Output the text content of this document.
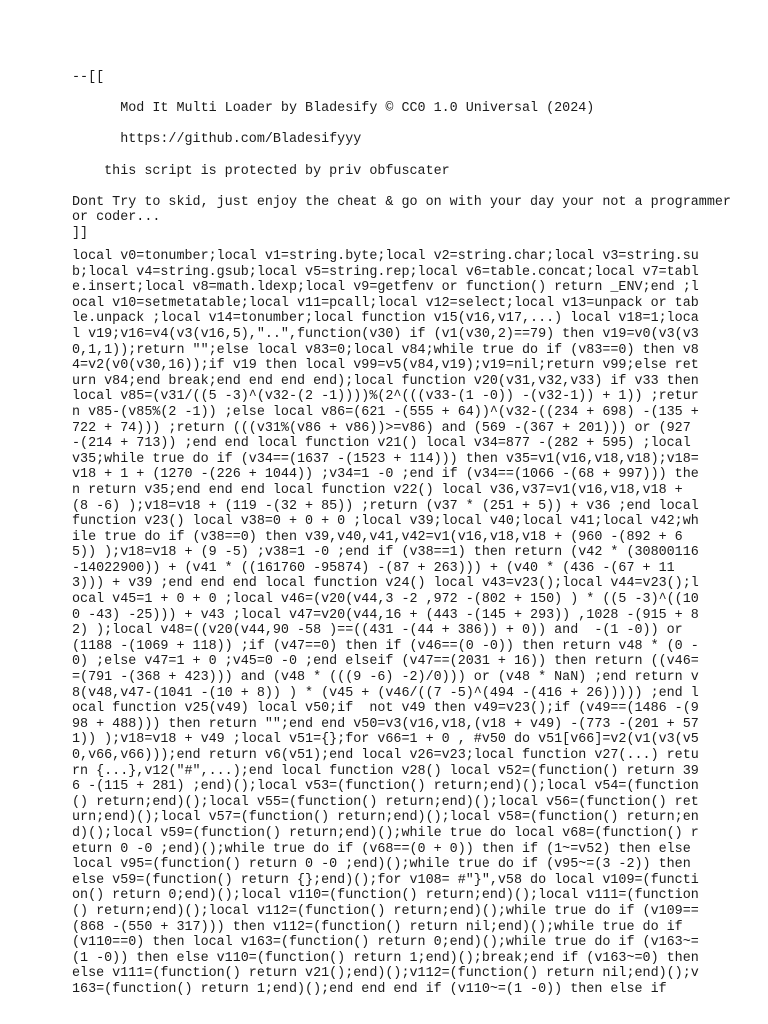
--[[
Mod It Multi Loader by Bladesify © CC0 1.0 Universal (2024)
https://github.com/Bladesifyyy
this script is protected by priv obfuscater
Dont Try to skid, just enjoy the cheat & go on with your day your not a programmer
or coder...
]]
local v0=tonumber;local v1=string.byte;local v2=string.char;local v3=string.sub;local v4=string.gsub;local v5=string.rep;local v6=table.concat;local v7=table.insert;local v8=math.ldexp;local v9=getfenv or function() return _ENV;end ;local v10=setmetatable;local v11=pcall;local v12=select;local v13=unpack or table.unpack ;local v14=tonumber;local function v15(v16,v17,...) local v18=1;local v19;v16=v4(v3(v16,5),"..",function(v30) if (v1(v30,2)==79) then v19=v0(v3(v30,1,1));return "";else local v83=0;local v84;while true do if (v83==0) then v84=v2(v0(v30,16));if v19 then local v99=v5(v84,v19);v19=nil;return v99;else return v84;end break;end end end end);local function v20(v31,v32,v33) if v33 then local v85=(v31/((5 -3)^(v32-(2 -1))))%(2^(((v33-(1 -0)) -(v32-1)) + 1)) ;return v85-(v85%(2 -1)) ;else local v86=(621 -(555 + 64))^(v32-((234 + 698) -(135 + 722 + 74))) ;return (((v31%(v86 + v86))>=v86) and (569 -(367 + 201))) or (927 -(214 + 713)) ;end end local function v21() local v34=877 -(282 + 595) ;local v35;while true do if (v34==(1637 -(1523 + 114))) then v35=v1(v16,v18,v18);v18=v18 + 1 + (1270 -(226 + 1044)) ;v34=1 -0 ;end if (v34==(1066 -(68 + 997))) then return v35;end end end local function v22() local v36,v37=v1(v16,v18,v18 + (8 -6) );v18=v18 + (119 -(32 + 85)) ;return (v37 * (251 + 5)) + v36 ;end local function v23() local v38=0 + 0 + 0 ;local v39;local v40;local v41;local v42;while true do if (v38==0) then v39,v40,v41,v42=v1(v16,v18,v18 + (960 -(892 + 65)) );v18=v18 + (9 -5) ;v38=1 -0 ;end if (v38==1) then return (v42 * (30800116 -14022900)) + (v41 * ((161760 -95874) -(87 + 263))) + (v40 * (436 -(67 + 113))) + v39 ;end end end local function v24() local v43=v23();local v44=v23();local v45=1 + 0 + 0 ;local v46=(v20(v44,3 -2 ,972 -(802 + 150) ) * ((5 -3)^((100 -43) -25))) + v43 ;local v47=v20(v44,16 + (443 -(145 + 293)) ,1028 -(915 + 82) );local v48=((v20(v44,90 -58 )==((431 -(44 + 386)) + 0)) and  -(1 -0)) or (1188 -(1069 + 118)) ;if (v47==0) then if (v46==(0 -0)) then return v48 * (0 -0) ;else v47=1 + 0 ;v45=0 -0 ;end elseif (v47==(2031 + 16)) then return ((v46==(791 -(368 + 423))) and (v48 * (((9 -6) -2)/0))) or (v48 * NaN) ;end return v8(v48,v47-(1041 -(10 + 8)) ) * (v45 + (v46/((7 -5)^(494 -(416 + 26))))) ;end local function v25(v49) local v50;if  not v49 then v49=v23();if (v49==(1486 -(998 + 488))) then return "";end end v50=v3(v16,v18,(v18 + v49) -(773 -(201 + 571)) );v18=v18 + v49 ;local v51={};for v66=1 + 0 , #v50 do v51[v66]=v2(v1(v3(v50,v66,v66)));end return v6(v51);end local v26=v23;local function v27(...) return {...},v12("#",...);end local function v28() local v52=(function() return 396 -(115 + 281) ;end)();local v53=(function() return;end)();local v54=(function() return;end)();local v55=(function() return;end)();local v56=(function() return;end)();local v57=(function() return;end)();local v58=(function() return;end)();local v59=(function() return;end)();while true do local v68=(function() return 0 -0 ;end)();while true do if (v68==(0 + 0)) then if (1~=v52) then else local v95=(function() return 0 -0 ;end)();while true do if (v95~=(3 -2)) then else v59=(function() return {};end)();for v108= #"}",v58 do local v109=(function() return 0;end)();local v110=(function() return;end)();local v111=(function() return;end)();local v112=(function() return;end)();while true do if (v109==(868 -(550 + 317))) then v112=(function() return nil;end)();while true do if (v110==0) then local v163=(function() return 0;end)();while true do if (v163~=(1 -0)) then else v110=(function() return 1;end)();break;end if (v163~=0) then else v111=(function() return v21();end)();v112=(function() return nil;end)();v163=(function() return 1;end)();end end end if (v110~=(1 -0)) then else if
